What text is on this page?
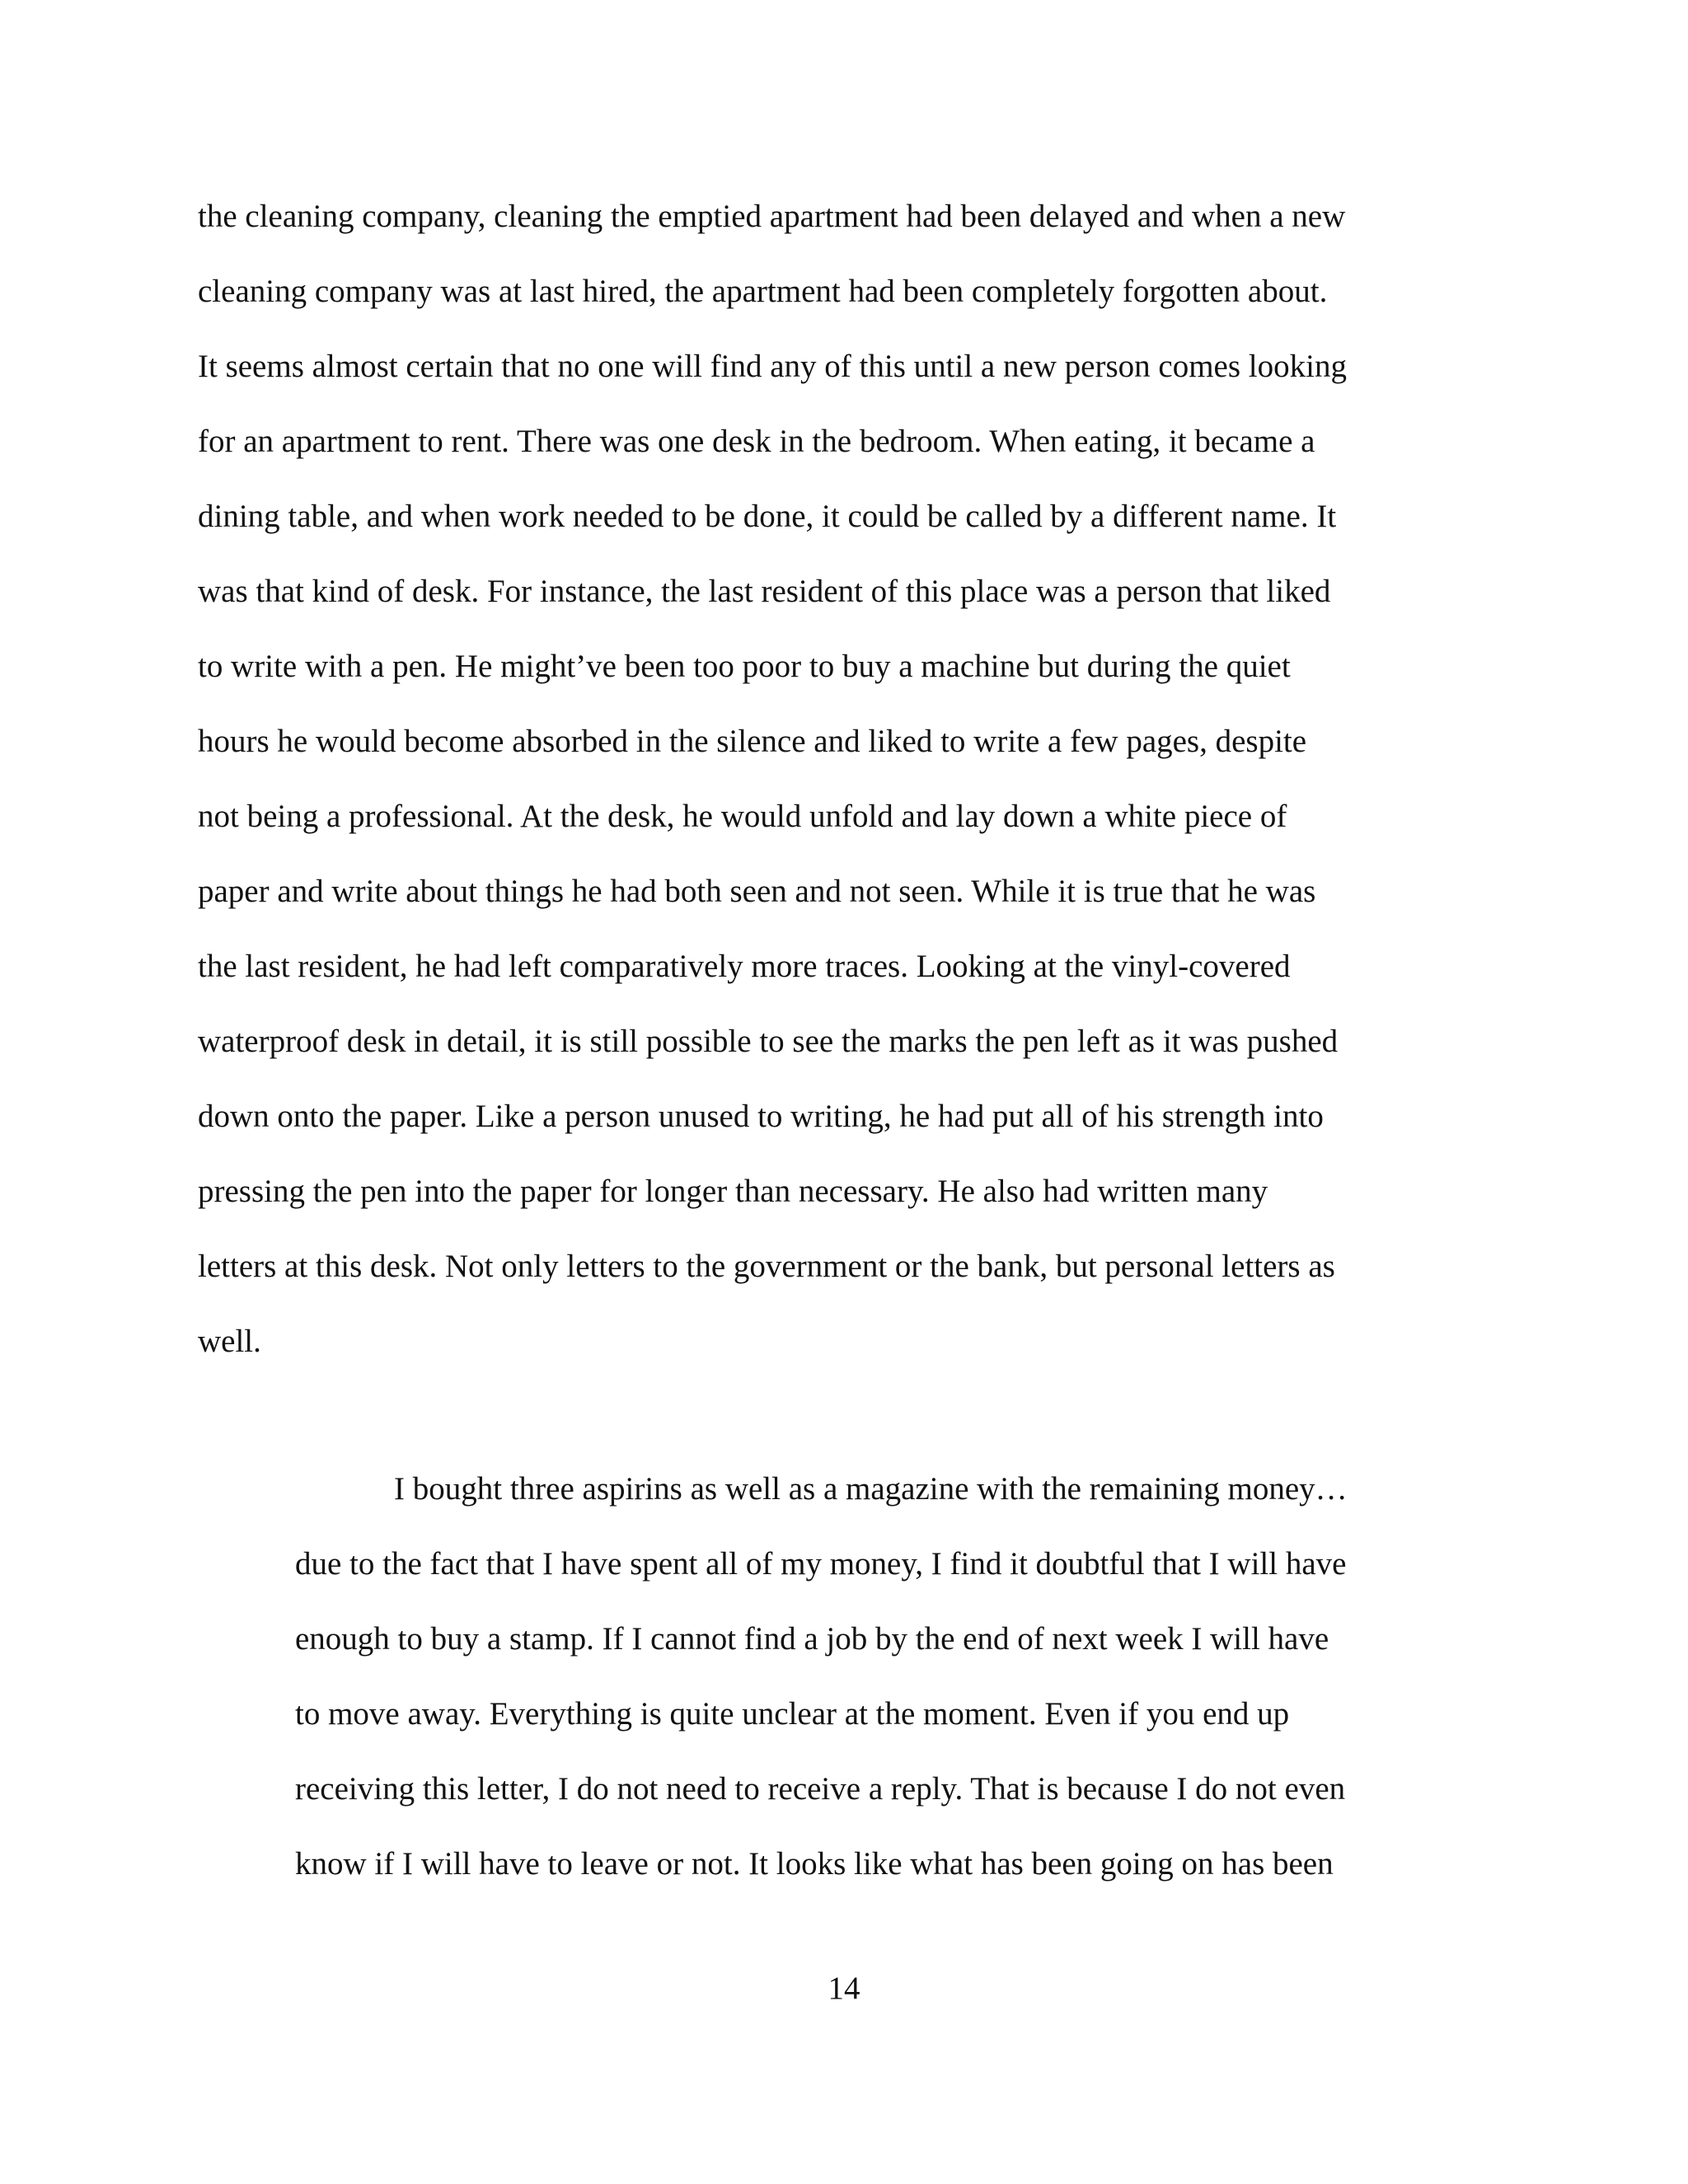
the cleaning company, cleaning the emptied apartment had been delayed and when a new
cleaning company was at last hired, the apartment had been completely forgotten about.
It seems almost certain that no one will find any of this until a new person comes looking
for an apartment to rent. There was one desk in the bedroom. When eating, it became a
dining table, and when work needed to be done, it could be called by a different name. It
was that kind of desk. For instance, the last resident of this place was a person that liked
to write with a pen. He might’ve been too poor to buy a machine but during the quiet
hours he would become absorbed in the silence and liked to write a few pages, despite
not being a professional. At the desk, he would unfold and lay down a white piece of
paper and write about things he had both seen and not seen. While it is true that he was
the last resident, he had left comparatively more traces. Looking at the vinyl-covered
waterproof desk in detail, it is still possible to see the marks the pen left as it was pushed
down onto the paper. Like a person unused to writing, he had put all of his strength into
pressing the pen into the paper for longer than necessary. He also had written many
letters at this desk. Not only letters to the government or the bank, but personal letters as
well.
I bought three aspirins as well as a magazine with the remaining money…
due to the fact that I have spent all of my money, I find it doubtful that I will have
enough to buy a stamp. If I cannot find a job by the end of next week I will have
to move away. Everything is quite unclear at the moment. Even if you end up
receiving this letter, I do not need to receive a reply. That is because I do not even
know if I will have to leave or not. It looks like what has been going on has been
14
